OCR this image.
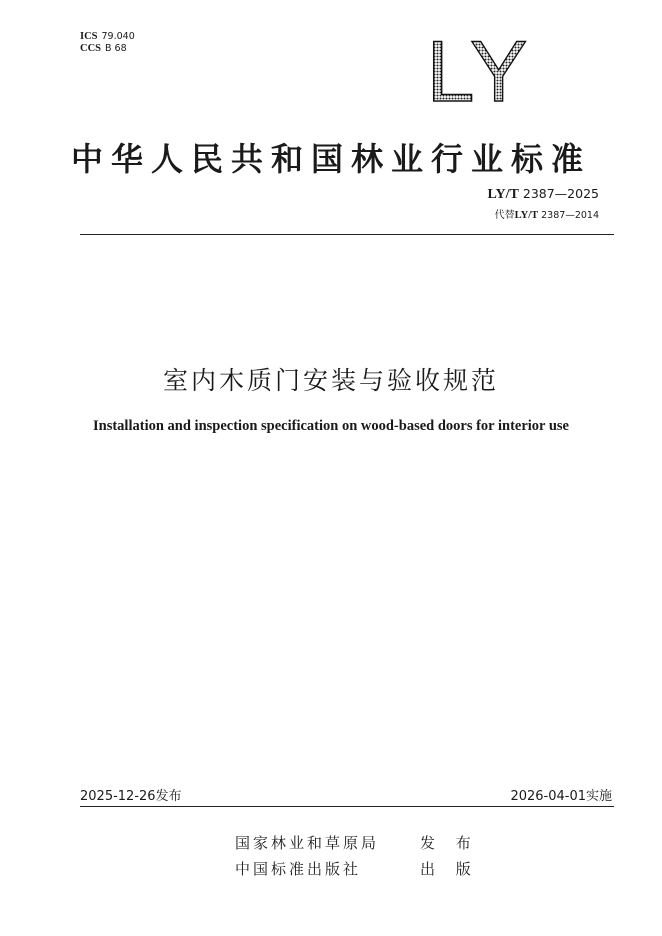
ICS 79.040
CCS B 68	LY
中华人民共和国林业行业标准
LY/T 2387—2025
代替LY/T 2387—2014
室内木质门安装与验收规范
Installation and inspection specification on wood-based doors for interior use
2025-12-26发布	2026-04-01实施
国家林业和草原局	发 布
中国标准出版社	出 版
